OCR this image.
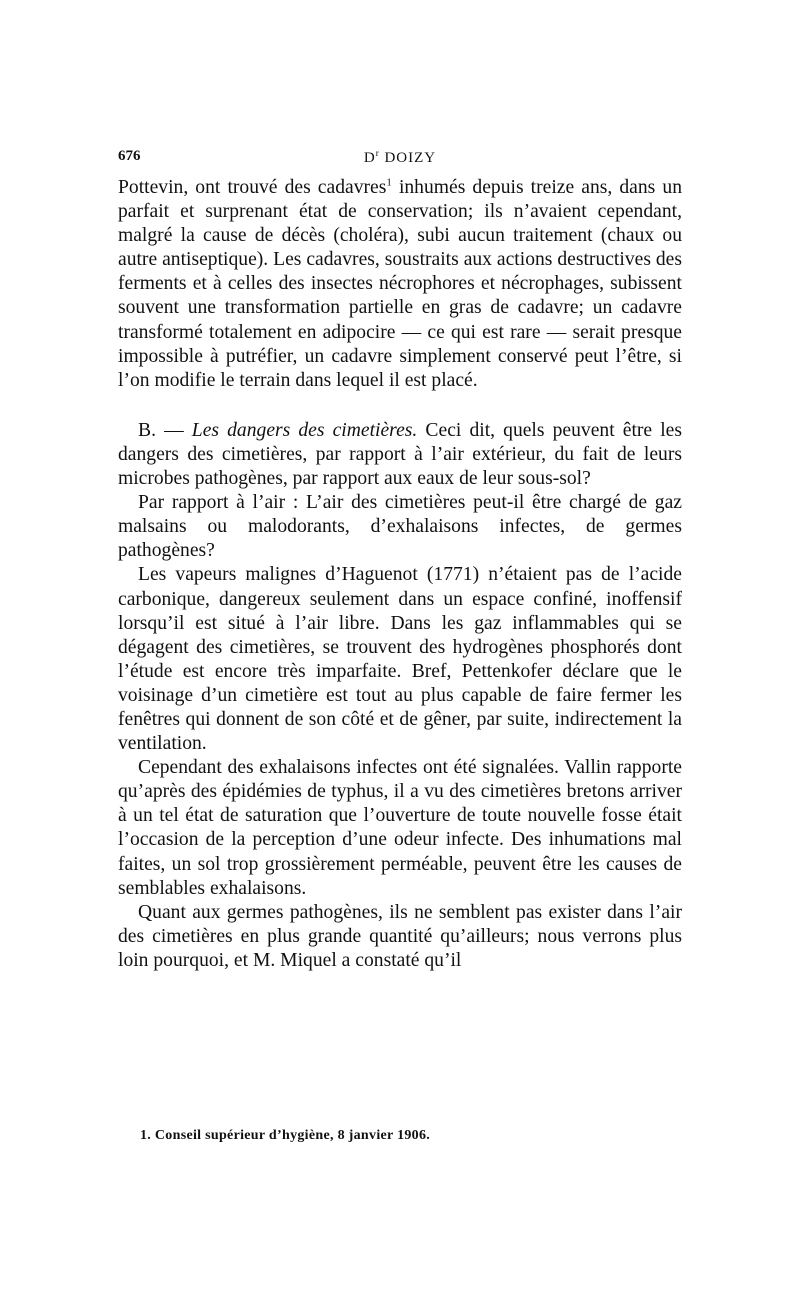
676	$D^r$ DOIZY

Pottevin, ont trouvé des cadavres$^1$ inhumés depuis treize ans, dans un parfait et surprenant état de conservation; ils n’avaient cependant, malgré la cause de décès (choléra), subi aucun traitement (chaux ou autre antiseptique). Les cadavres, soustraits aux actions destructives des ferments et à celles des insectes nécrophores et nécrophages, subissent souvent une transformation partielle en gras de cadavre; un cadavre transformé totalement en adipocire — ce qui est rare — serait presque impossible à putréfier, un cadavre simplement conservé peut l’être, si l’on modifie le terrain dans lequel il est placé.

B. — Les dangers des cimetières. Ceci dit, quels peuvent être les dangers des cimetières, par rapport à l’air extérieur, du fait de leurs microbes pathogènes, par rapport aux eaux de leur sous-sol?

Par rapport à l’air : L’air des cimetières peut-il être chargé de gaz malsains ou malodorants, d’exhalaisons infectes, de germes pathogènes?

Les vapeurs malignes d’Haguenot (1771) n’étaient pas de l’acide carbonique, dangereux seulement dans un espace confiné, inoffensif lorsqu’il est situé à l’air libre. Dans les gaz inflammables qui se dégagent des cimetières, se trouvent des hydrogènes phosphorés dont l’étude est encore très imparfaite. Bref, Pettenkofer déclare que le voisinage d’un cimetière est tout au plus capable de faire fermer les fenêtres qui donnent de son côté et de gêner, par suite, indirectement la ventilation.

Cependant des exhalaisons infectes ont été signalées. Vallin rapporte qu’après des épidémies de typhus, il a vu des cimetières bretons arriver à un tel état de saturation que l’ouverture de toute nouvelle fosse était l’occasion de la perception d’une odeur infecte. Des inhumations mal faites, un sol trop grossièrement perméable, peuvent être les causes de semblables exhalaisons.

Quant aux germes pathogènes, ils ne semblent pas exister dans l’air des cimetières en plus grande quantité qu’ailleurs; nous verrons plus loin pourquoi, et M. Miquel a constaté qu’il

1. Conseil supérieur d’hygiène, 8 janvier 1906.
